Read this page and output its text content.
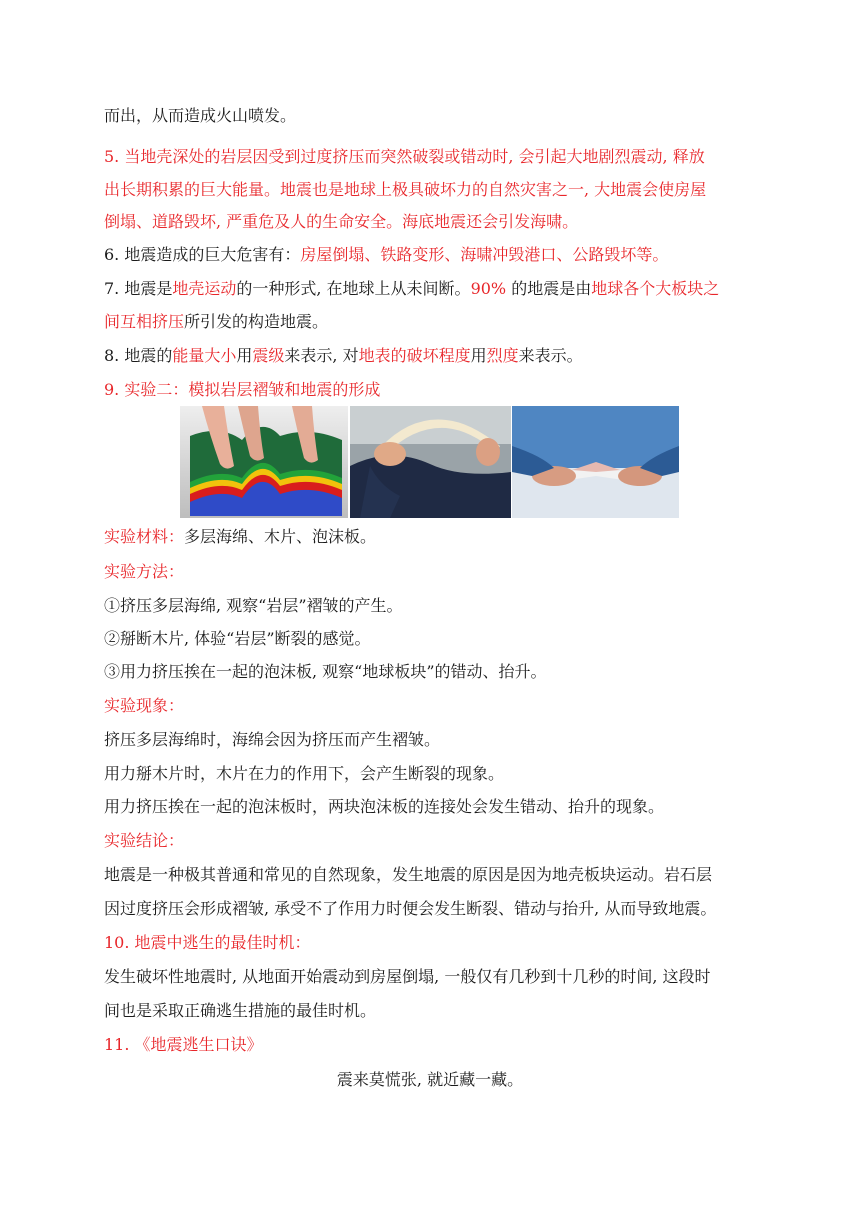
而出，从而造成火山喷发。
5. 当地壳深处的岩层因受到过度挤压而突然破裂或错动时, 会引起大地剧烈震动, 释放
出长期积累的巨大能量。地震也是地球上极具破坏力的自然灾害之一, 大地震会使房屋
倒塌、道路毁坏, 严重危及人的生命安全。海底地震还会引发海啸。
6. 地震造成的巨大危害有：房屋倒塌、铁路变形、海啸冲毁港口、公路毁坏等。
7. 地震是地壳运动的一种形式, 在地球上从未间断。90% 的地震是由地球各个大板块之
间互相挤压所引发的构造地震。
8. 地震的能量大小用震级来表示, 对地表的破坏程度用烈度来表示。
9. 实验二：模拟岩层褶皱和地震的形成
实验材料：多层海绵、木片、泡沫板。
实验方法：
①挤压多层海绵, 观察“岩层”褶皱的产生。
②掰断木片, 体验“岩层”断裂的感觉。
③用力挤压挨在一起的泡沫板, 观察“地球板块”的错动、抬升。
实验现象：
挤压多层海绵时，海绵会因为挤压而产生褶皱。
用力掰木片时，木片在力的作用下，会产生断裂的现象。
用力挤压挨在一起的泡沫板时，两块泡沫板的连接处会发生错动、抬升的现象。
实验结论：
地震是一种极其普通和常见的自然现象，发生地震的原因是因为地壳板块运动。岩石层
因过度挤压会形成褶皱, 承受不了作用力时便会发生断裂、错动与抬升, 从而导致地震。
10. 地震中逃生的最佳时机：
发生破坏性地震时, 从地面开始震动到房屋倒塌, 一般仅有几秒到十几秒的时间, 这段时
间也是采取正确逃生措施的最佳时机。
11. 《地震逃生口诀》
震来莫慌张, 就近藏一藏。
